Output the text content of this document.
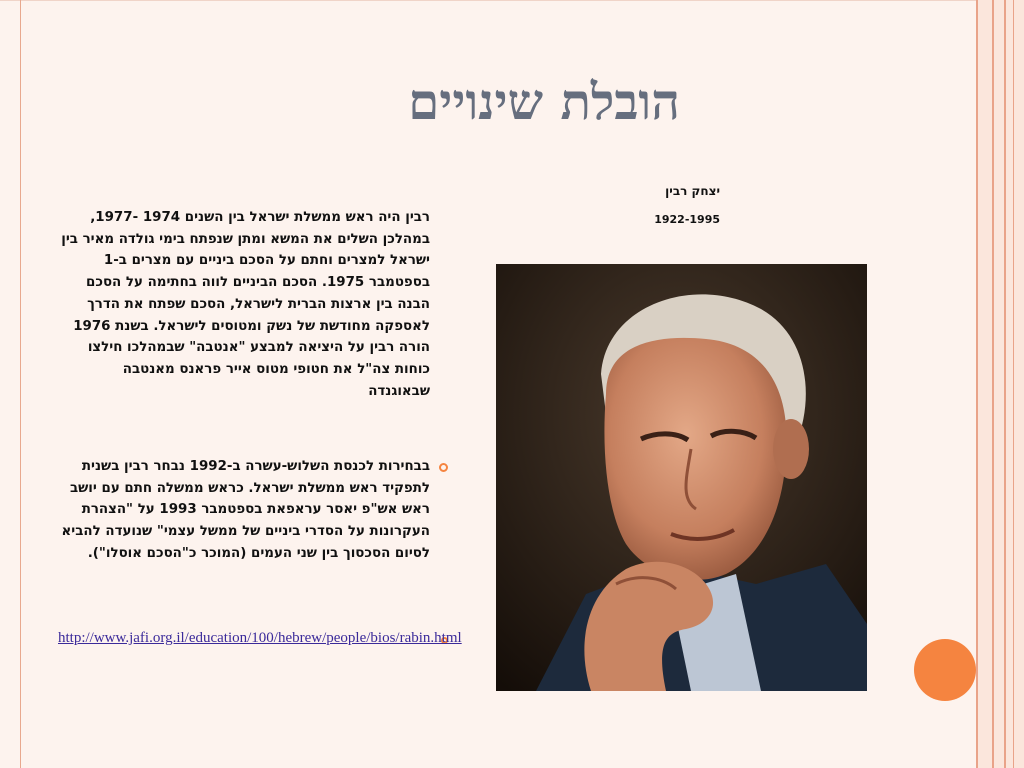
הובלת שינויים
יצחק רבין
1922-1995
רבין היה ראש ממשלת ישראל בין השנים 1974 -1977, במהלכן השלים את המשא ומתן שנפתח בימי גולדה מאיר בין ישראל למצרים וחתם על הסכם ביניים עם מצרים ב-1 בספטמבר 1975. הסכם הביניים לווה בחתימה על הסכם הבנה בין ארצות הברית לישראל, הסכם שפתח את הדרך לאספקה מחודשת של נשק ומטוסים לישראל. בשנת 1976 הורה רבין על היציאה למבצע "אנטבה" שבמהלכו חילצו כוחות צה"ל את חטופי מטוס אייר פראנס מאנטבה שבאוגנדה
בבחירות לכנסת השלוש-עשרה ב-1992 נבחר רבין בשנית לתפקיד ראש ממשלת ישראל. כראש ממשלה חתם עם יושב ראש אש"פ יאסר עראפאת בספטמבר 1993 על "הצהרת העקרונות על הסדרי ביניים של ממשל עצמי" שנועדה להביא לסיום הסכסוך בין שני העמים (המוכר כ"הסכם אוסלו").
http://www.jafi.org.il/education/100/hebrew/people/bios/rabin.html
